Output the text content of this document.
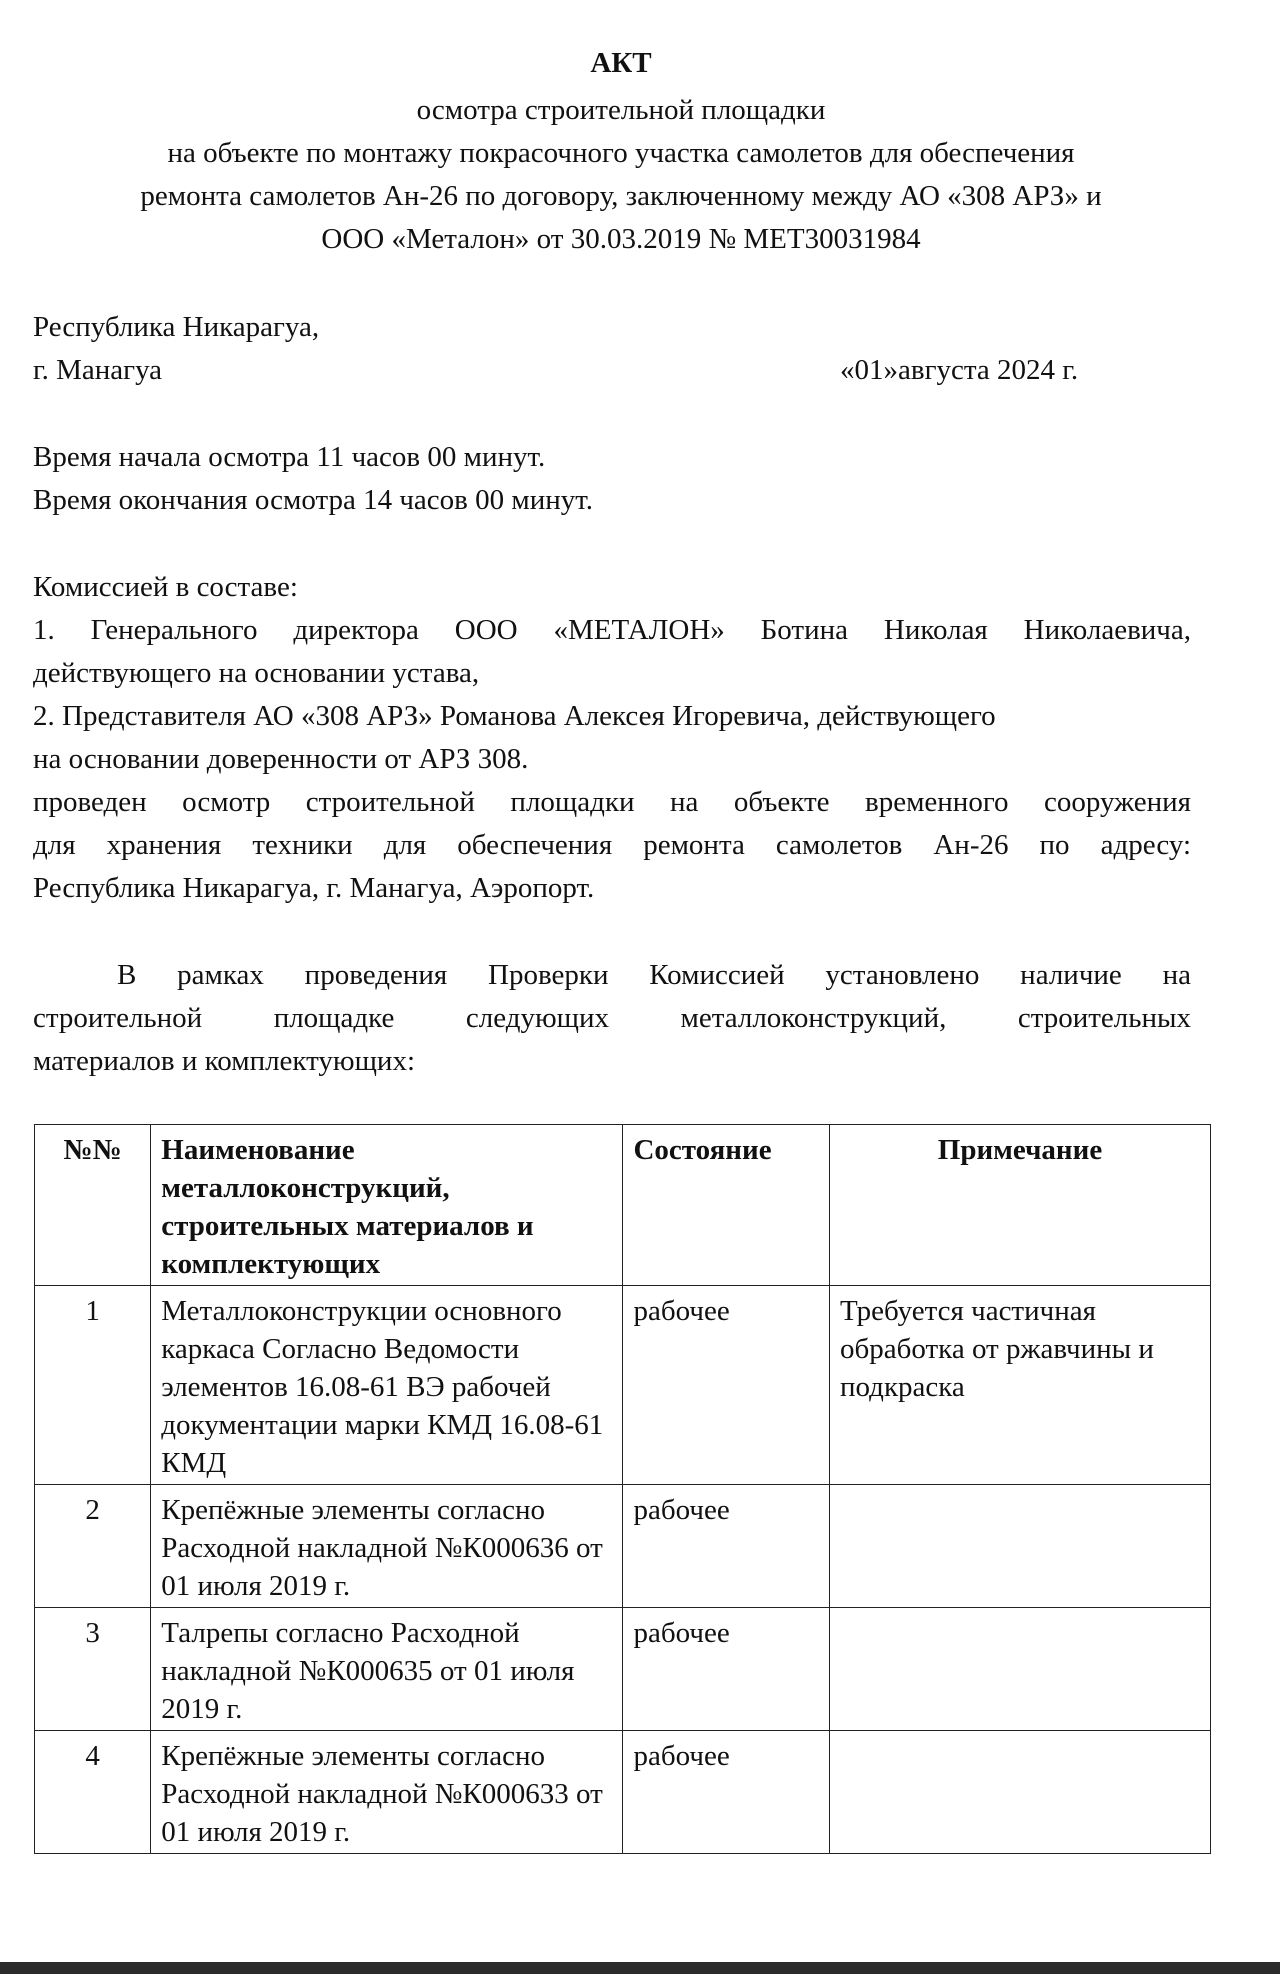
АКТ
осмотра строительной площадки
на объекте по монтажу покрасочного участка самолетов для обеспечения
ремонта самолетов Ан-26 по договору, заключенному между АО «308 АРЗ» и
ООО «Металон» от 30.03.2019 № МЕТ30031984
Республика Никарагуа,
г. Манагуа	«01»августа 2024 г.
Время начала осмотра 11 часов 00 минут.
Время окончания осмотра 14 часов 00 минут.
Комиссией в составе:
1. Генерального директора ООО «МЕТАЛОН» Ботина Николая Николаевича,
действующего на основании устава,
2. Представителя АО «308 АРЗ» Романова Алексея Игоревича, действующего
на основании доверенности от АРЗ 308.
проведен осмотр строительной площадки на объекте временного сооружения
для хранения техники для обеспечения ремонта самолетов Ан-26 по адресу:
Республика Никарагуа, г. Манагуа, Аэропорт.
В рамках проведения Проверки Комиссией установлено наличие на
строительной площадке следующих металлоконструкций, строительных
материалов и комплектующих:
№№	Наименование металлоконструкций, строительных материалов и комплектующих	Состояние	Примечание
1	Металлоконструкции основного каркаса Согласно Ведомости элементов 16.08-61 ВЭ рабочей документации марки КМД 16.08-61 КМД	рабочее	Требуется частичная обработка от ржавчины и подкраска
2	Крепёжные элементы согласно Расходной накладной №К000636 от 01 июля 2019 г.	рабочее	
3	Талрепы согласно Расходной накладной №К000635 от 01 июля 2019 г.	рабочее	
4	Крепёжные элементы согласно Расходной накладной №К000633 от 01 июля 2019 г.	рабочее	
